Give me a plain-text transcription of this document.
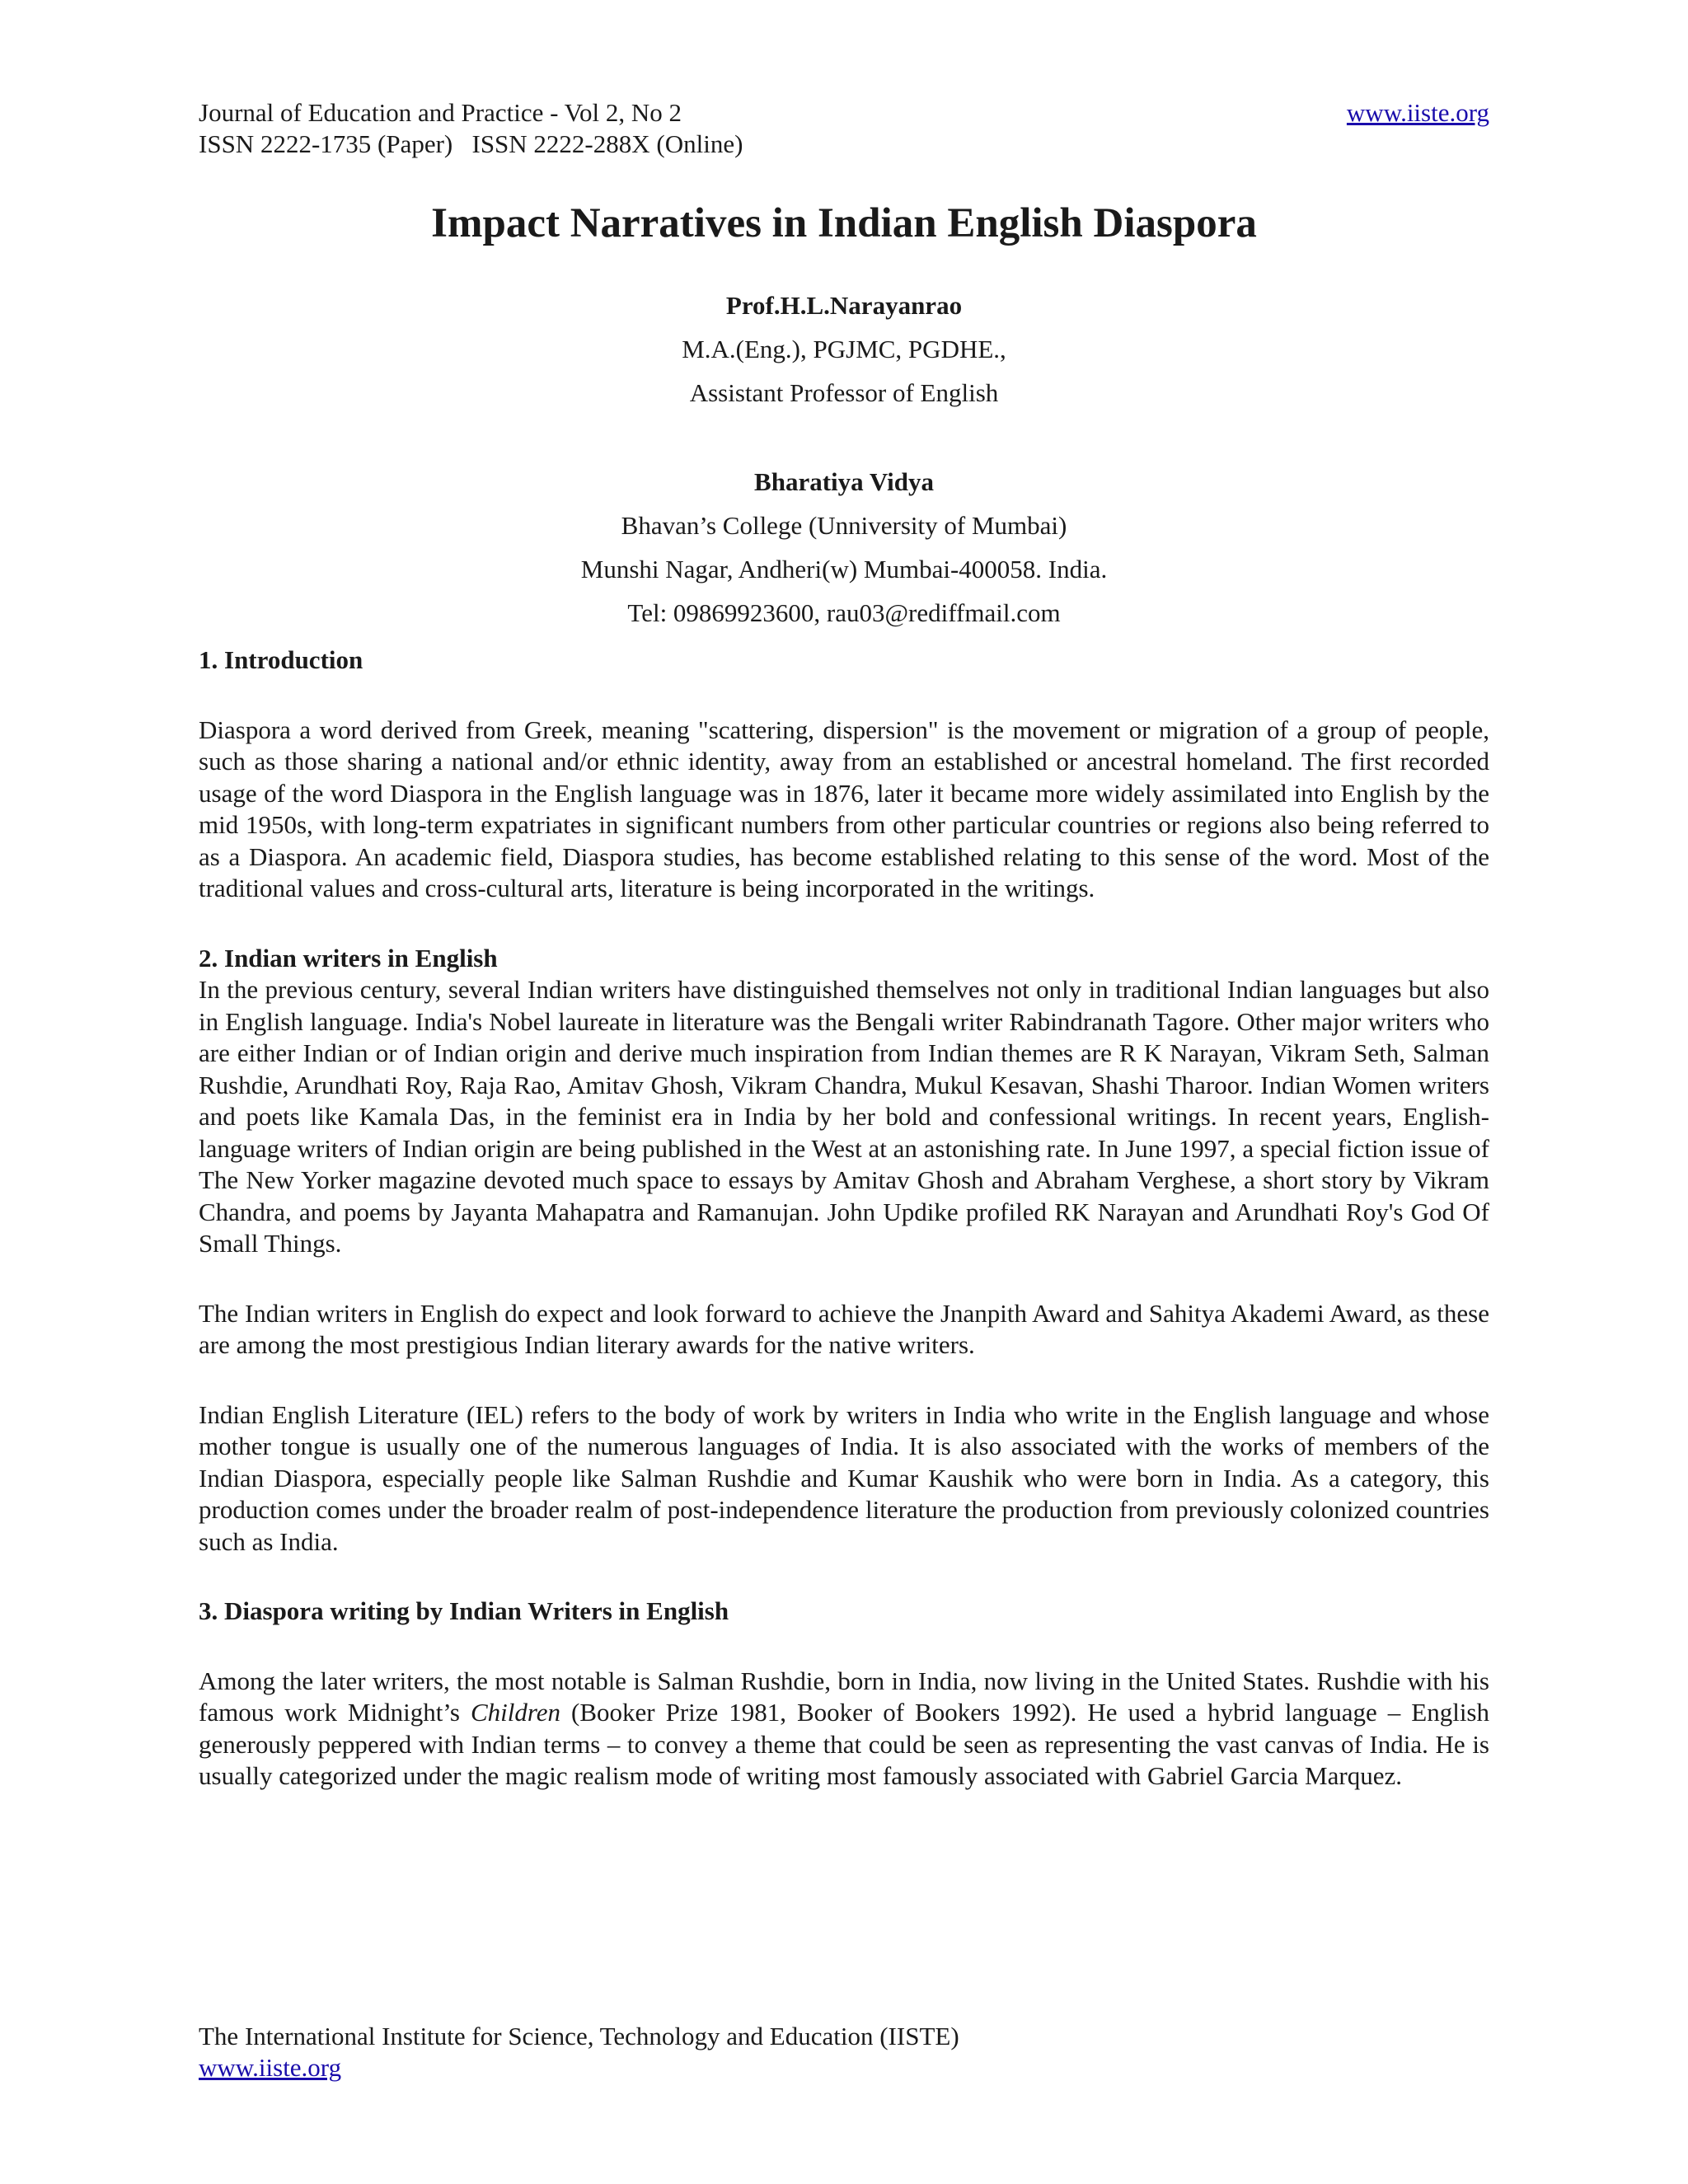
Journal of Education and Practice - Vol 2, No 2	www.iiste.org
ISSN 2222-1735 (Paper)   ISSN 2222-288X (Online)
Impact Narratives in Indian English Diaspora
Prof.H.L.Narayanrao
M.A.(Eng.), PGJMC, PGDHE.,
Assistant Professor of English
Bharatiya Vidya
Bhavan’s College (Unniversity of Mumbai)
Munshi Nagar, Andheri(w) Mumbai-400058. India.
Tel: 09869923600, rau03@rediffmail.com
1. Introduction

Diaspora a word derived from Greek, meaning "scattering, dispersion" is the movement or migration of a group of people, such as those sharing a national and/or ethnic identity, away from an established or ancestral homeland. The first recorded usage of the word Diaspora in the English language was in 1876, later it became more widely assimilated into English by the mid 1950s, with long-term expatriates in significant numbers from other particular countries or regions also being referred to as a Diaspora. An academic field, Diaspora studies, has become established relating to this sense of the word. Most of the traditional values and cross-cultural arts, literature is being incorporated in the writings.

2. Indian writers in English

In the previous century, several Indian writers have distinguished themselves not only in traditional Indian languages but also in English language. India's Nobel laureate in literature was the Bengali writer Rabindranath Tagore. Other major writers who are either Indian or of Indian origin and derive much inspiration from Indian themes are R K Narayan, Vikram Seth, Salman Rushdie, Arundhati Roy, Raja Rao, Amitav Ghosh, Vikram Chandra, Mukul Kesavan, Shashi Tharoor. Indian Women writers and poets like Kamala Das, in the feminist era in India by her bold and confessional writings. In recent years, English-language writers of Indian origin are being published in the West at an astonishing rate. In June 1997, a special fiction issue of The New Yorker magazine devoted much space to essays by Amitav Ghosh and Abraham Verghese, a short story by Vikram Chandra, and poems by Jayanta Mahapatra and Ramanujan. John Updike profiled RK Narayan and Arundhati Roy's God Of Small Things.

The Indian writers in English do expect and look forward to achieve the Jnanpith Award and Sahitya Akademi Award, as these are among the most prestigious Indian literary awards for the native writers.

Indian English Literature (IEL) refers to the body of work by writers in India who write in the English language and whose mother tongue is usually one of the numerous languages of India. It is also associated with the works of members of the Indian Diaspora, especially people like Salman Rushdie and Kumar Kaushik who were born in India. As a category, this production comes under the broader realm of post-independence literature the production from previously colonized countries such as India.

3. Diaspora writing by Indian Writers in English

Among the later writers, the most notable is Salman Rushdie, born in India, now living in the United States. Rushdie with his famous work Midnight’s Children (Booker Prize 1981, Booker of Bookers 1992). He used a hybrid language – English generously peppered with Indian terms – to convey a theme that could be seen as representing the vast canvas of India. He is usually categorized under the magic realism mode of writing most famously associated with Gabriel Garcia Marquez.

The International Institute for Science, Technology and Education (IISTE)
www.iiste.org
